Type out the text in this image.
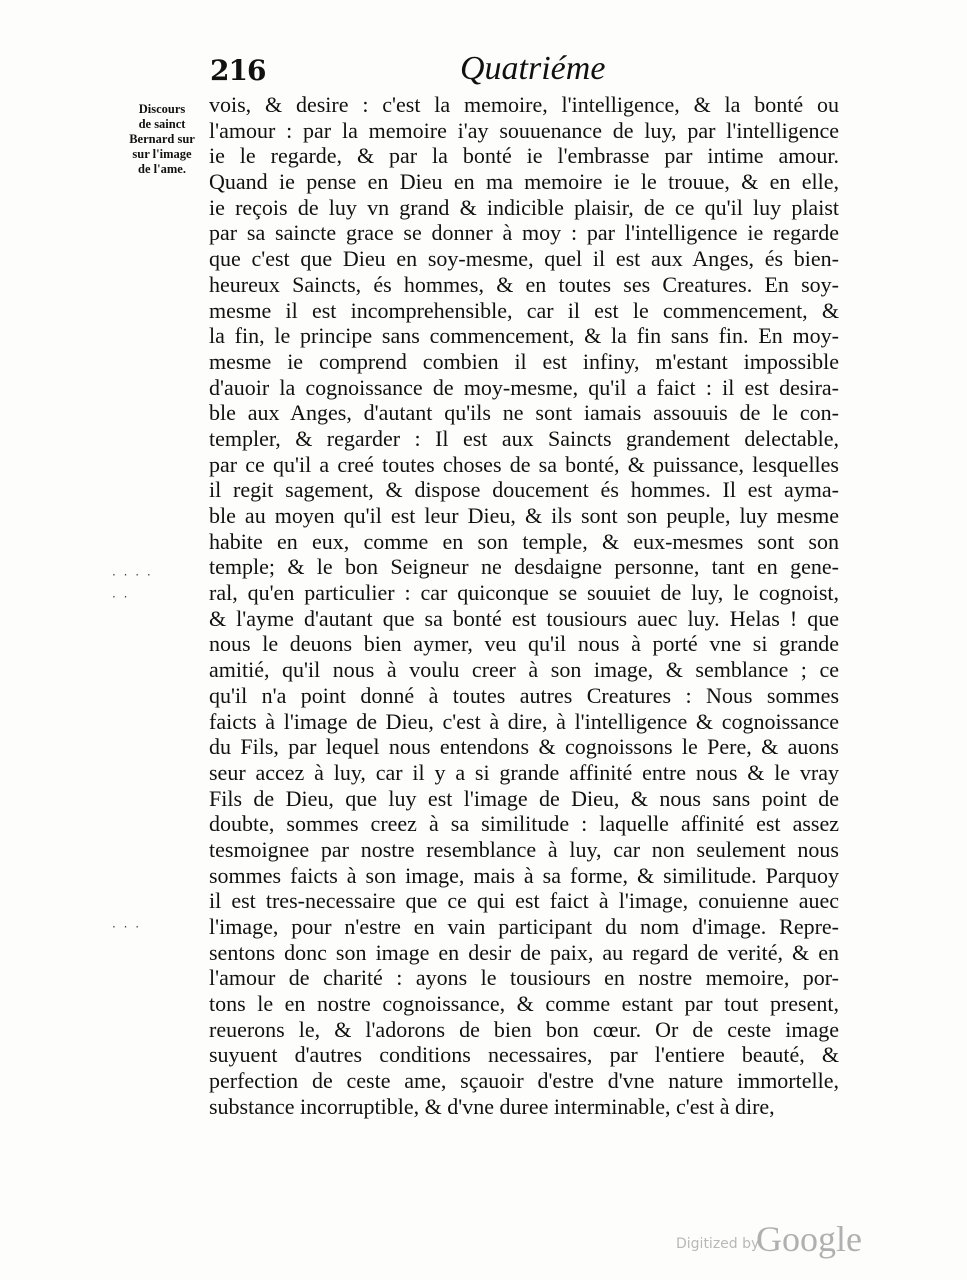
216	Quatriéme
Discours
de sainct
Bernard sur
sur l'image
de l'ame.
· · · ·
· ·
· · ·
vois, & desire : c'est la memoire, l'intelligence, & la bonté ou
l'amour : par la memoire i'ay souuenance de luy, par l'intelligence
ie le regarde, & par la bonté ie l'embrasse par intime amour.
Quand ie pense en Dieu en ma memoire ie le trouue, & en elle,
ie reçois de luy vn grand & indicible plaisir, de ce qu'il luy plaist
par sa saincte grace se donner à moy : par l'intelligence ie regarde
que c'est que Dieu en soy-mesme, quel il est aux Anges, és bien-
heureux Saincts, és hommes, & en toutes ses Creatures. En soy-
mesme il est incomprehensible, car il est le commencement, &
la fin, le principe sans commencement, & la fin sans fin. En moy-
mesme ie comprend combien il est infiny, m'estant impossible
d'auoir la cognoissance de moy-mesme, qu'il a faict : il est desira-
ble aux Anges, d'autant qu'ils ne sont iamais assouuis de le con-
templer, & regarder : Il est aux Saincts grandement delectable,
par ce qu'il a creé toutes choses de sa bonté, & puissance, lesquelles
il regit sagement, & dispose doucement és hommes. Il est ayma-
ble au moyen qu'il est leur Dieu, & ils sont son peuple, luy mesme
habite en eux, comme en son temple, & eux-mesmes sont son
temple; & le bon Seigneur ne desdaigne personne, tant en gene-
ral, qu'en particulier : car quiconque se souuiet de luy, le cognoist,
& l'ayme d'autant que sa bonté est tousiours auec luy. Helas ! que
nous le deuons bien aymer, veu qu'il nous à porté vne si grande
amitié, qu'il nous à voulu creer à son image, & semblance ; ce
qu'il n'a point donné à toutes autres Creatures : Nous sommes
faicts à l'image de Dieu, c'est à dire, à l'intelligence & cognoissance
du Fils, par lequel nous entendons & cognoissons le Pere, & auons
seur accez à luy, car il y a si grande affinité entre nous & le vray
Fils de Dieu, que luy est l'image de Dieu, & nous sans point de
doubte, sommes creez à sa similitude : laquelle affinité est assez
tesmoignee par nostre resemblance à luy, car non seulement nous
sommes faicts à son image, mais à sa forme, & similitude. Parquoy
il est tres-necessaire que ce qui est faict à l'image, conuienne auec
l'image, pour n'estre en vain participant du nom d'image. Repre-
sentons donc son image en desir de paix, au regard de verité, & en
l'amour de charité : ayons le tousiours en nostre memoire, por-
tons le en nostre cognoissance, & comme estant par tout present,
reuerons le, & l'adorons de bien bon cœur. Or de ceste image
suyuent d'autres conditions necessaires, par l'entiere beauté, &
perfection de ceste ame, sçauoir d'estre d'vne nature immortelle,
substance incorruptible, & d'vne duree interminable, c'est à dire,
Digitized by
Google
